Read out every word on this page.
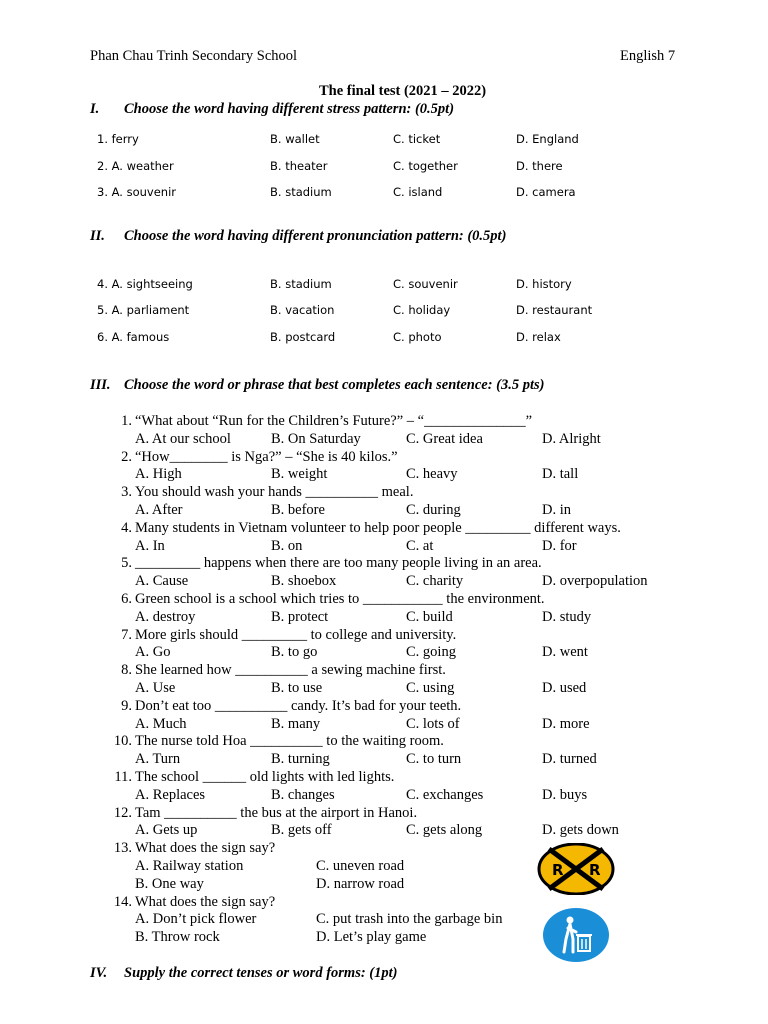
Phan Chau Trinh Secondary School	English 7
The final test (2021 – 2022)
I. Choose the word having different stress pattern: (0.5pt)
1. ferry	B. wallet	C. ticket	D. England
2. A. weather	B. theater	C. together	D. there
3. A. souvenir	B. stadium	C. island	D. camera
II. Choose the word having different pronunciation pattern: (0.5pt)
4. A. sightseeing	B. stadium	C. souvenir	D. history
5. A. parliament	B. vacation	C. holiday	D. restaurant
6. A. famous	B. postcard	C. photo	D. relax
III. Choose the word or phrase that best completes each sentence: (3.5 pts)
1. “What about “Run for the Children’s Future?” – “______________”
A. At our school	B. On Saturday	C. Great idea	D. Alright
2. “How________ is Nga?” – “She is 40 kilos.”
A. High	B. weight	C. heavy	D. tall
3. You should wash your hands __________ meal.
A. After	B. before	C. during	D. in
4. Many students in Vietnam volunteer to help poor people _________ different ways.
A. In	B. on	C. at	D. for
5. _________ happens when there are too many people living in an area.
A. Cause	B. shoebox	C. charity	D. overpopulation
6. Green school is a school which tries to ___________ the environment.
A. destroy	B. protect	C. build	D. study
7. More girls should _________ to college and university.
A. Go	B. to go	C. going	D. went
8. She learned how __________ a sewing machine first.
A. Use	B. to use	C. using	D. used
9. Don’t eat too __________ candy. It’s bad for your teeth.
A. Much	B. many	C. lots of	D. more
10. The nurse told Hoa __________ to the waiting room.
A. Turn	B. turning	C. to turn	D. turned
11. The school ______ old lights with led lights.
A. Replaces	B. changes	C. exchanges	D. buys
12. Tam __________ the bus at the airport in Hanoi.
A. Gets up	B. gets off	C. gets along	D. gets down
13. What does the sign say?
A. Railway station	C. uneven road
B. One way	D. narrow road
14. What does the sign say?
A. Don’t pick flower	C. put trash into the garbage bin
B. Throw rock	D. Let’s play game
R R
IV. Supply the correct tenses or word forms: (1pt)
